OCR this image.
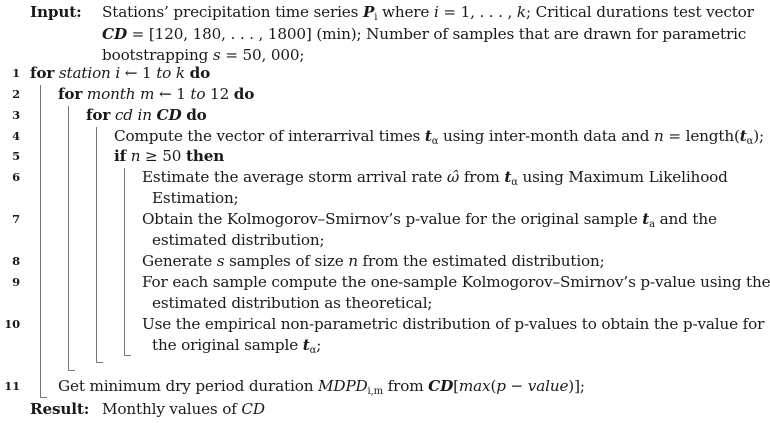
Stations’ precipitation time series $P_i$ where i = 1, . . . , k; Critical durations test vector
Input:
CD = [120, 180, . . . , 1800] (min); Number of samples that are drawn for parametric
bootstrapping s = 50, 000;
for station i ← 1 to k do
1
for month m ← 1 to 12 do
2
for cd in CD do
3
Compute the vector of interarrival times $t_\alpha$ using inter-month data and $n = length(t_\alpha)$;
4
if n ≥ 50 then
5
Estimate the average storm arrival rate ω̂ from $t_\alpha$ using Maximum Likelihood
6
Estimation;
Obtain the Kolmogorov–Smirnov’s p-value for the original sample $t_a$ and the
7
estimated distribution;
Generate s samples of size n from the estimated distribution;
8
For each sample compute the one-sample Kolmogorov–Smirnov’s p-value using the
9
estimated distribution as theoretical;
Use the empirical non-parametric distribution of p-values to obtain the p-value for
10
the original sample $t_\alpha$;
Get minimum dry period duration $MDPD_{i,m}$ from CD[max(p − value)];
11
Monthly values of CD
Result:
